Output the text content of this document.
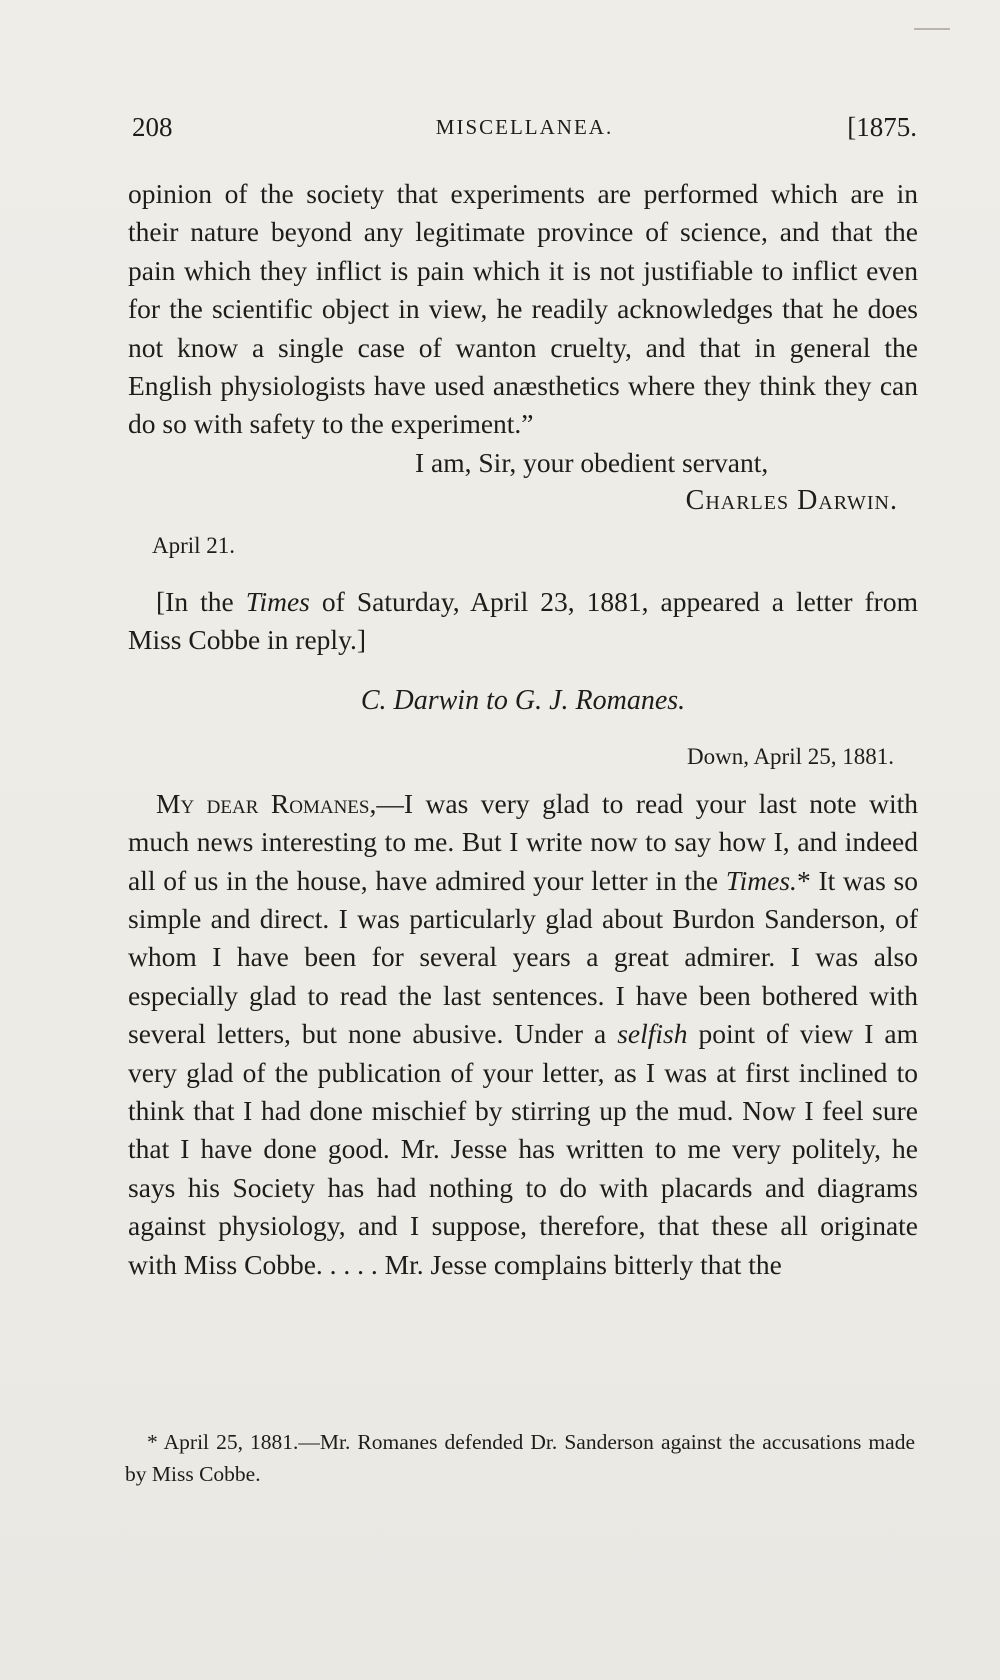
208	MISCELLANEA.	[1875.

opinion of the society that experiments are performed which are in their nature beyond any legitimate province of science, and that the pain which they inflict is pain which it is not justifiable to inflict even for the scientific object in view, he readily acknowledges that he does not know a single case of wanton cruelty, and that in general the English physiologists have used anæsthetics where they think they can do so with safety to the experiment.”

I am, Sir, your obedient servant,

Charles Darwin.

April 21.

[In the Times of Saturday, April 23, 1881, appeared a letter from Miss Cobbe in reply.]

C. Darwin to G. J. Romanes.

Down, April 25, 1881.

My dear Romanes,—I was very glad to read your last note with much news interesting to me. But I write now to say how I, and indeed all of us in the house, have admired your letter in the Times.* It was so simple and direct. I was particularly glad about Burdon Sanderson, of whom I have been for several years a great admirer. I was also especially glad to read the last sentences. I have been bothered with several letters, but none abusive. Under a selfish point of view I am very glad of the publication of your letter, as I was at first inclined to think that I had done mischief by stirring up the mud. Now I feel sure that I have done good. Mr. Jesse has written to me very politely, he says his Society has had nothing to do with placards and diagrams against physiology, and I suppose, therefore, that these all originate with Miss Cobbe. . . . . Mr. Jesse complains bitterly that the

* April 25, 1881.—Mr. Romanes defended Dr. Sanderson against the accusations made by Miss Cobbe.
